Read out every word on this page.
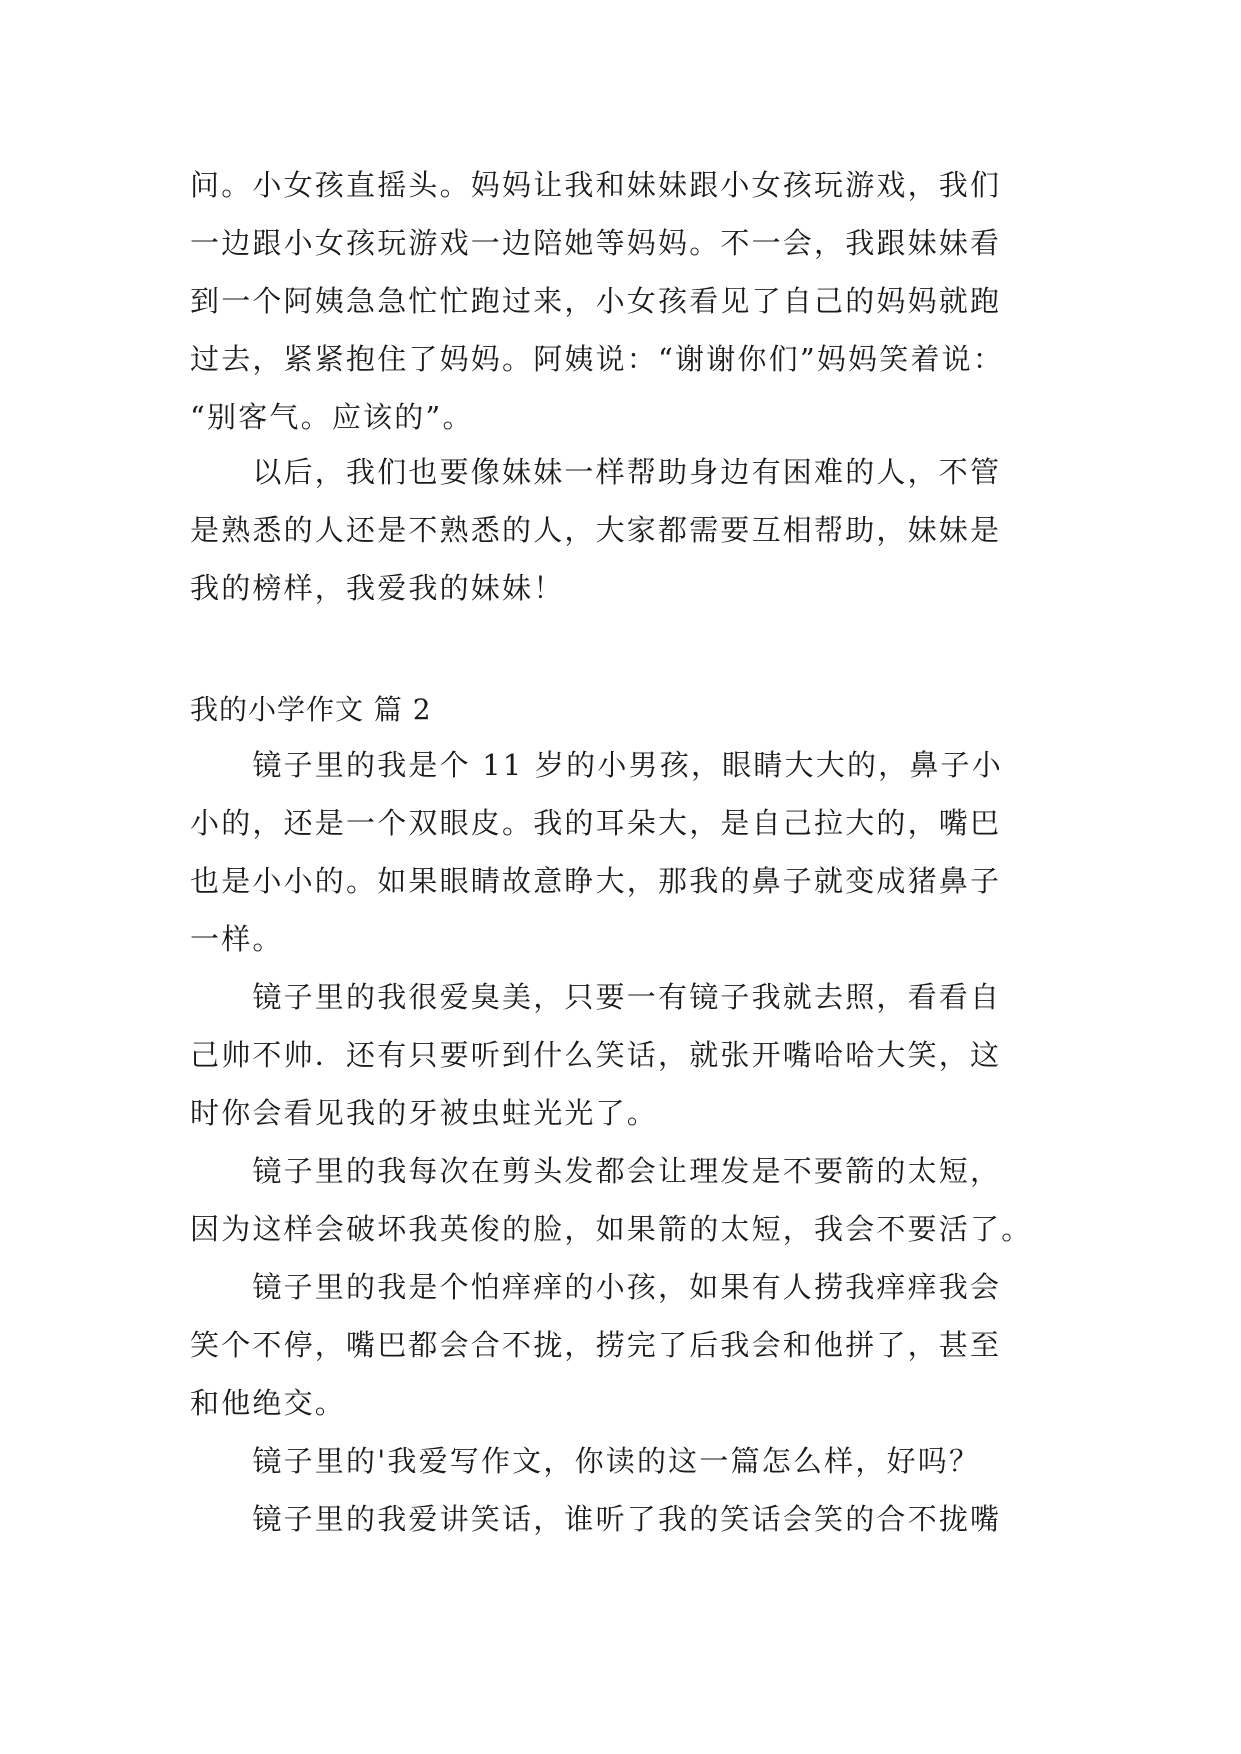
问。小女孩直摇头。妈妈让我和妹妹跟小女孩玩游戏，我们
一边跟小女孩玩游戏一边陪她等妈妈。不一会，我跟妹妹看
到一个阿姨急急忙忙跑过来，小女孩看见了自己的妈妈就跑
过去，紧紧抱住了妈妈。阿姨说：“谢谢你们”妈妈笑着说：
“别客气。应该的”。
　　以后，我们也要像妹妹一样帮助身边有困难的人，不管
是熟悉的人还是不熟悉的人，大家都需要互相帮助，妹妹是
我的榜样，我爱我的妹妹！
我的小学作文 篇 2
　　镜子里的我是个 11 岁的小男孩，眼睛大大的，鼻子小
小的，还是一个双眼皮。我的耳朵大，是自己拉大的，嘴巴
也是小小的。如果眼睛故意睁大，那我的鼻子就变成猪鼻子
一样。
　　镜子里的我很爱臭美，只要一有镜子我就去照，看看自
己帅不帅．还有只要听到什么笑话，就张开嘴哈哈大笑，这
时你会看见我的牙被虫蛀光光了。
　　镜子里的我每次在剪头发都会让理发是不要箭的太短，
因为这样会破坏我英俊的脸，如果箭的太短，我会不要活了。
　　镜子里的我是个怕痒痒的小孩，如果有人捞我痒痒我会
笑个不停，嘴巴都会合不拢，捞完了后我会和他拼了，甚至
和他绝交。
　　镜子里的'我爱写作文，你读的这一篇怎么样，好吗？
　　镜子里的我爱讲笑话，谁听了我的笑话会笑的合不拢嘴
